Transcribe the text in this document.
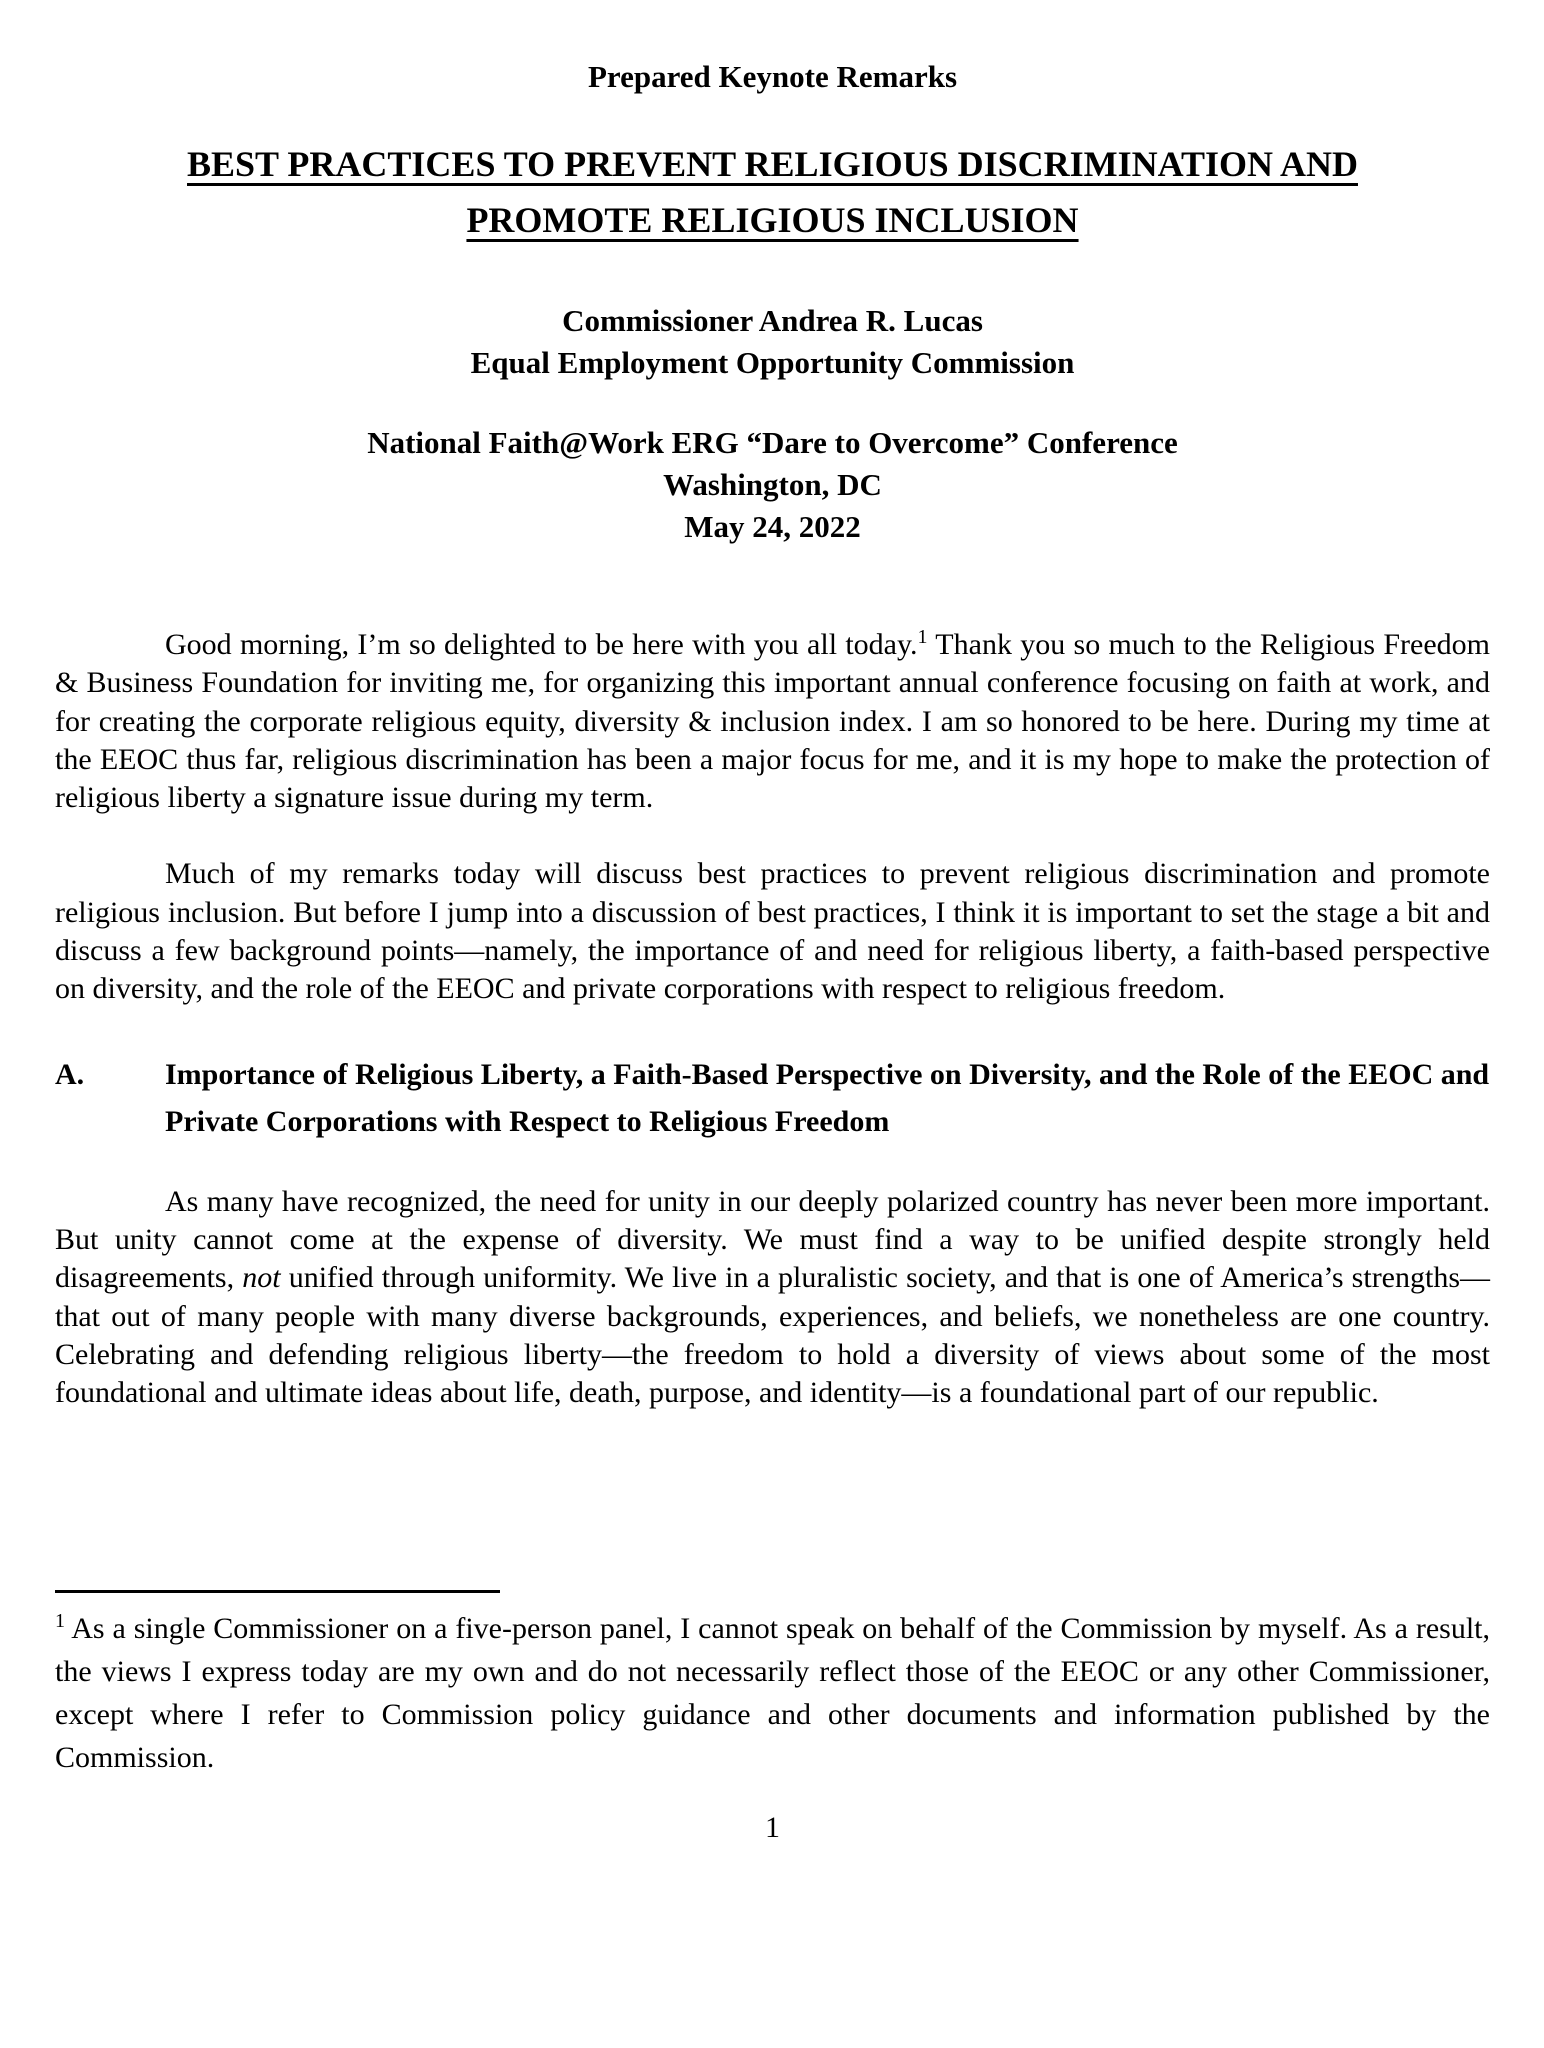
Prepared Keynote Remarks

BEST PRACTICES TO PREVENT RELIGIOUS DISCRIMINATION AND
PROMOTE RELIGIOUS INCLUSION
Commissioner Andrea R. Lucas
Equal Employment Opportunity Commission
National Faith@Work ERG “Dare to Overcome” Conference
Washington, DC
May 24, 2022

Good morning, I’m so delighted to be here with you all today.$^1$ Thank you so much to the Religious Freedom & Business Foundation for inviting me, for organizing this important annual conference focusing on faith at work, and for creating the corporate religious equity, diversity & inclusion index. I am so honored to be here. During my time at the EEOC thus far, religious discrimination has been a major focus for me, and it is my hope to make the protection of religious liberty a signature issue during my term.

Much of my remarks today will discuss best practices to prevent religious discrimination and promote religious inclusion. But before I jump into a discussion of best practices, I think it is important to set the stage a bit and discuss a few background points—namely, the importance of and need for religious liberty, a faith-based perspective on diversity, and the role of the EEOC and private corporations with respect to religious freedom.

A.	Importance of Religious Liberty, a Faith-Based Perspective on Diversity, and the Role of the EEOC and Private Corporations with Respect to Religious Freedom

As many have recognized, the need for unity in our deeply polarized country has never been more important. But unity cannot come at the expense of diversity. We must find a way to be unified despite strongly held disagreements, not unified through uniformity. We live in a pluralistic society, and that is one of America’s strengths—that out of many people with many diverse backgrounds, experiences, and beliefs, we nonetheless are one country. Celebrating and defending religious liberty—the freedom to hold a diversity of views about some of the most foundational and ultimate ideas about life, death, purpose, and identity—is a foundational part of our republic.

$^1$ As a single Commissioner on a five-person panel, I cannot speak on behalf of the Commission by myself. As a result, the views I express today are my own and do not necessarily reflect those of the EEOC or any other Commissioner, except where I refer to Commission policy guidance and other documents and information published by the Commission.

1
